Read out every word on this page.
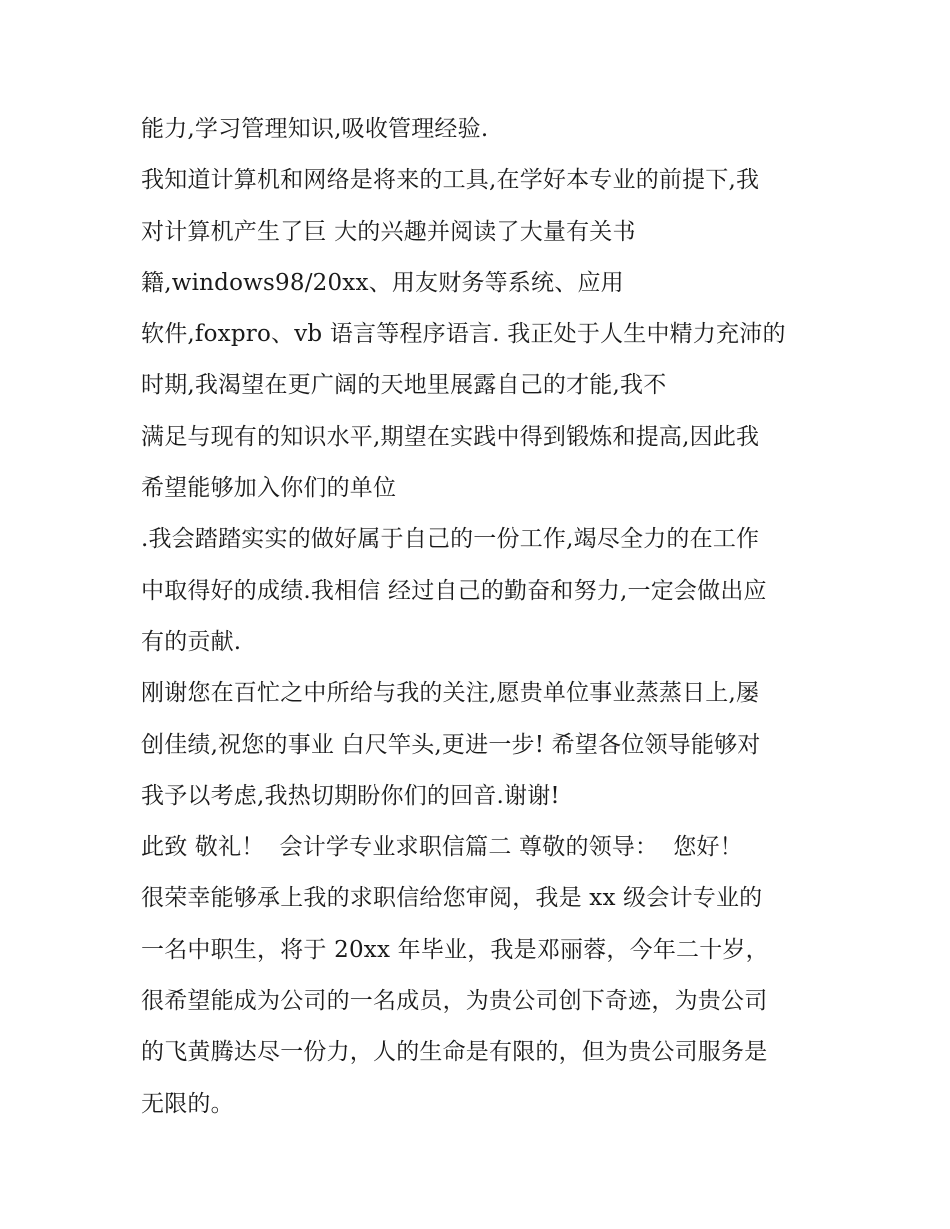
能力,学习管理知识,吸收管理经验.
我知道计算机和网络是将来的工具,在学好本专业的前提下,我
对计算机产生了巨 大的兴趣并阅读了大量有关书
籍,windows98/20xx、用友财务等系统、应用
软件,foxpro、vb 语言等程序语言. 我正处于人生中精力充沛的
时期,我渴望在更广阔的天地里展露自己的才能,我不
满足与现有的知识水平,期望在实践中得到锻炼和提高,因此我
希望能够加入你们的单位
.我会踏踏实实的做好属于自己的一份工作,竭尽全力的在工作
中取得好的成绩.我相信 经过自己的勤奋和努力,一定会做出应
有的贡献.
刚谢您在百忙之中所给与我的关注,愿贵单位事业蒸蒸日上,屡
创佳绩,祝您的事业 白尺竿头,更进一步! 希望各位领导能够对
我予以考虑,我热切期盼你们的回音.谢谢!
此致 敬礼！  会计学专业求职信篇二 尊敬的领导：  您好！
很荣幸能够承上我的求职信给您审阅，我是 xx 级会计专业的
一名中职生，将于 20xx 年毕业，我是邓丽蓉，今年二十岁，
很希望能成为公司的一名成员，为贵公司创下奇迹，为贵公司
的飞黄腾达尽一份力，人的生命是有限的，但为贵公司服务是
无限的。
